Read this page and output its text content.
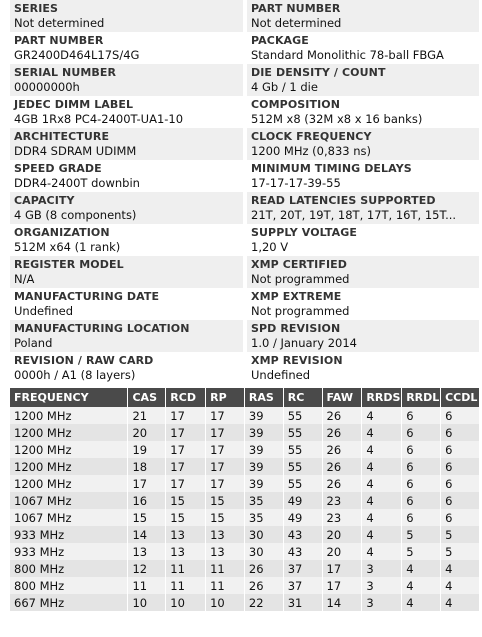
SERIES
Not determined
PART NUMBER
Not determined
PART NUMBER
GR2400D464L17S/4G
PACKAGE
Standard Monolithic 78-ball FBGA
SERIAL NUMBER
00000000h
DIE DENSITY / COUNT
4 Gb / 1 die
JEDEC DIMM LABEL
4GB 1Rx8 PC4-2400T-UA1-10
COMPOSITION
512M x8 (32M x8 x 16 banks)
ARCHITECTURE
DDR4 SDRAM UDIMM
CLOCK FREQUENCY
1200 MHz (0,833 ns)
SPEED GRADE
DDR4-2400T downbin
MINIMUM TIMING DELAYS
17-17-17-39-55
CAPACITY
4 GB (8 components)
READ LATENCIES SUPPORTED
21T, 20T, 19T, 18T, 17T, 16T, 15T...
ORGANIZATION
512M x64 (1 rank)
SUPPLY VOLTAGE
1,20 V
REGISTER MODEL
N/A
XMP CERTIFIED
Not programmed
MANUFACTURING DATE
Undefined
XMP EXTREME
Not programmed
MANUFACTURING LOCATION
Poland
SPD REVISION
1.0 / January 2014
REVISION / RAW CARD
0000h / A1 (8 layers)
XMP REVISION
Undefined
FREQUENCY	CAS	RCD	RP	RAS	RC	FAW	RRDS	RRDL	CCDL
1200 MHz	21	17	17	39	55	26	4	6	6
1200 MHz	20	17	17	39	55	26	4	6	6
1200 MHz	19	17	17	39	55	26	4	6	6
1200 MHz	18	17	17	39	55	26	4	6	6
1200 MHz	17	17	17	39	55	26	4	6	6
1067 MHz	16	15	15	35	49	23	4	6	6
1067 MHz	15	15	15	35	49	23	4	6	6
933 MHz	14	13	13	30	43	20	4	5	5
933 MHz	13	13	13	30	43	20	4	5	5
800 MHz	12	11	11	26	37	17	3	4	4
800 MHz	11	11	11	26	37	17	3	4	4
667 MHz	10	10	10	22	31	14	3	4	4
